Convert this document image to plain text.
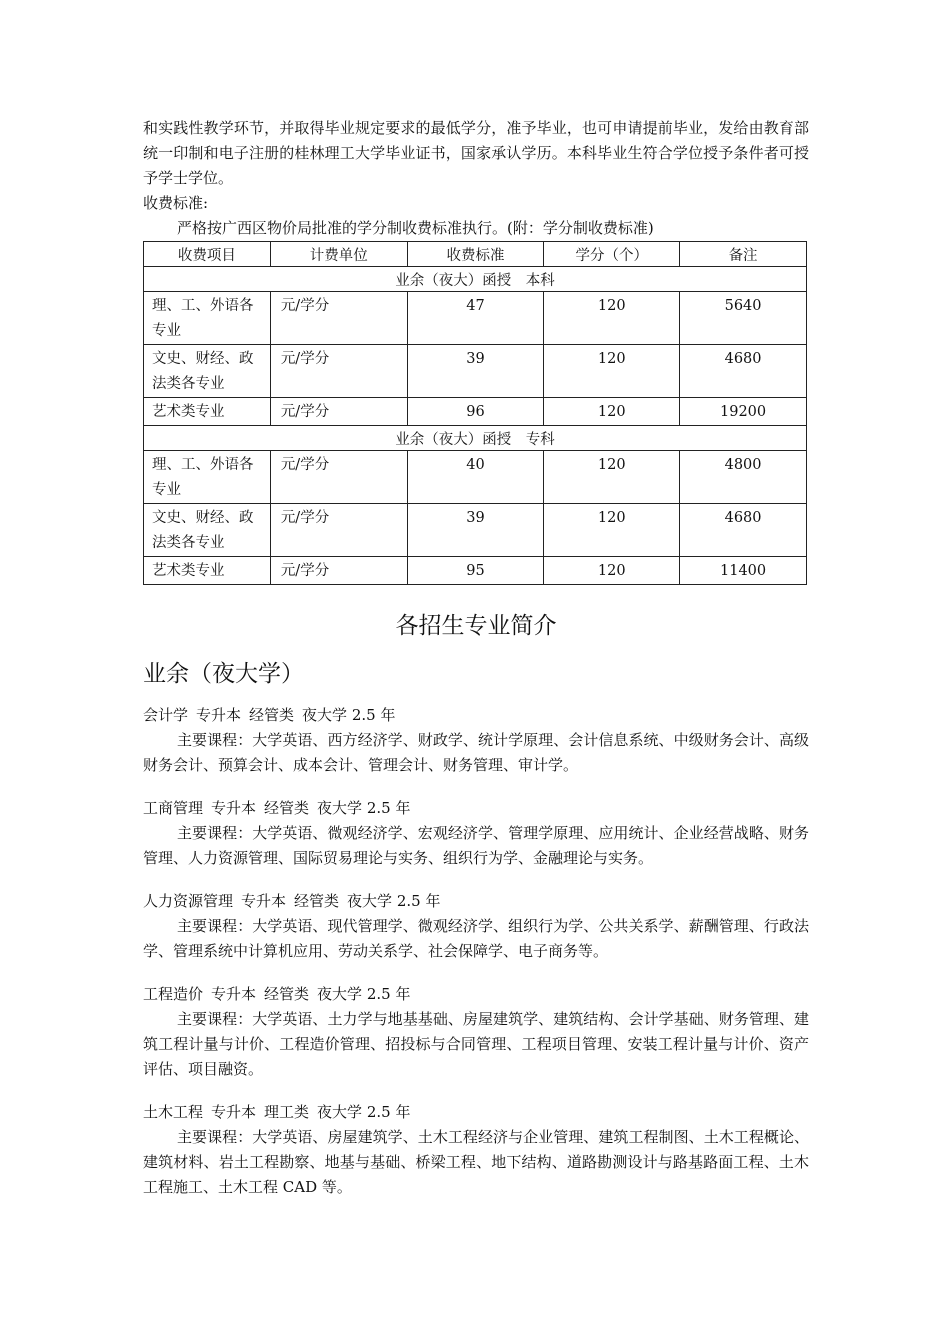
和实践性教学环节，并取得毕业规定要求的最低学分，准予毕业，也可申请提前毕业，发给由教育部统一印制和电子注册的桂林理工大学毕业证书，国家承认学历。本科毕业生符合学位授予条件者可授予学士学位。

收费标准:

严格按广西区物价局批准的学分制收费标准执行。(附：学分制收费标准)

收费项目	计费单位	收费标准	学分（个）	备注
业余（夜大）函授　本科				
理、工、外语各专业	元/学分	47	120	5640
文史、财经、政法类各专业	元/学分	39	120	4680
艺术类专业	元/学分	96	120	19200
业余（夜大）函授　专科				
理、工、外语各专业	元/学分	40	120	4800
文史、财经、政法类各专业	元/学分	39	120	4680
艺术类专业	元/学分	95	120	11400
各招生专业简介
业余（夜大学）

会计学 专升本 经管类 夜大学 2.5 年

主要课程：大学英语、西方经济学、财政学、统计学原理、会计信息系统、中级财务会计、高级财务会计、预算会计、成本会计、管理会计、财务管理、审计学。

工商管理 专升本 经管类 夜大学 2.5 年

主要课程：大学英语、微观经济学、宏观经济学、管理学原理、应用统计、企业经营战略、财务管理、人力资源管理、国际贸易理论与实务、组织行为学、金融理论与实务。

人力资源管理 专升本 经管类 夜大学 2.5 年

主要课程：大学英语、现代管理学、微观经济学、组织行为学、公共关系学、薪酬管理、行政法学、管理系统中计算机应用、劳动关系学、社会保障学、电子商务等。

工程造价 专升本 经管类 夜大学 2.5 年

主要课程：大学英语、土力学与地基基础、房屋建筑学、建筑结构、会计学基础、财务管理、建筑工程计量与计价、工程造价管理、招投标与合同管理、工程项目管理、安装工程计量与计价、资产评估、项目融资。

土木工程 专升本 理工类 夜大学 2.5 年

主要课程：大学英语、房屋建筑学、土木工程经济与企业管理、建筑工程制图、土木工程概论、建筑材料、岩土工程勘察、地基与基础、桥梁工程、地下结构、道路勘测设计与路基路面工程、土木工程施工、土木工程 CAD 等。
